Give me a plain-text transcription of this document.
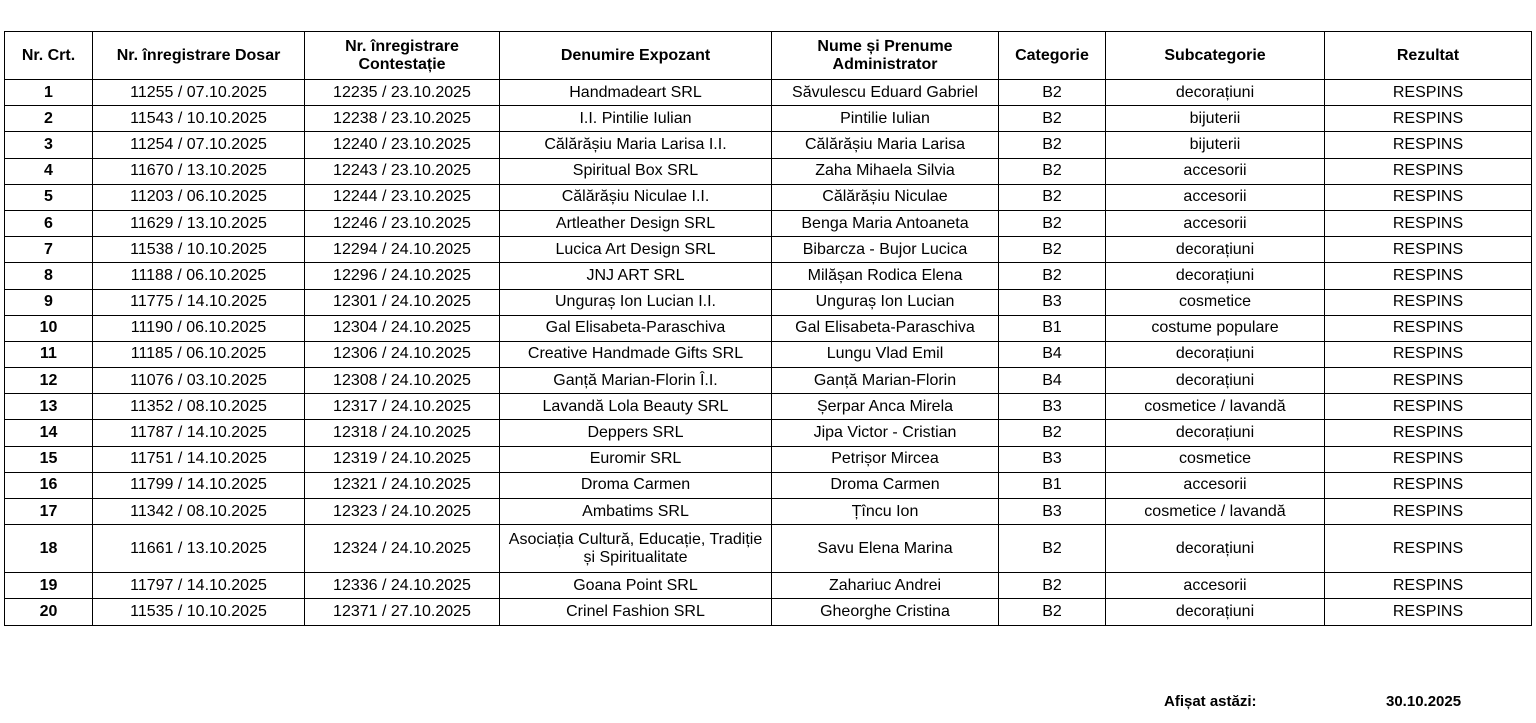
Nr. Crt.	Nr. înregistrare Dosar	Nr. înregistrare Contestație	Denumire Expozant	Nume și Prenume Administrator	Categorie	Subcategorie	Rezultat
1	11255 / 07.10.2025	12235 / 23.10.2025	Handmadeart SRL	Săvulescu Eduard Gabriel	B2	decorațiuni	RESPINS
2	11543 / 10.10.2025	12238 / 23.10.2025	I.I. Pintilie Iulian	Pintilie Iulian	B2	bijuterii	RESPINS
3	11254 / 07.10.2025	12240 / 23.10.2025	Călărășiu Maria Larisa I.I.	Călărășiu Maria Larisa	B2	bijuterii	RESPINS
4	11670 / 13.10.2025	12243 / 23.10.2025	Spiritual Box SRL	Zaha Mihaela Silvia	B2	accesorii	RESPINS
5	11203 / 06.10.2025	12244 / 23.10.2025	Călărășiu Niculae I.I.	Călărășiu Niculae	B2	accesorii	RESPINS
6	11629 / 13.10.2025	12246 / 23.10.2025	Artleather Design SRL	Benga Maria Antoaneta	B2	accesorii	RESPINS
7	11538 / 10.10.2025	12294 / 24.10.2025	Lucica Art Design SRL	Bibarcza - Bujor Lucica	B2	decorațiuni	RESPINS
8	11188 / 06.10.2025	12296 / 24.10.2025	JNJ ART SRL	Milășan Rodica Elena	B2	decorațiuni	RESPINS
9	11775 / 14.10.2025	12301 / 24.10.2025	Unguraș Ion Lucian I.I.	Unguraș Ion Lucian	B3	cosmetice	RESPINS
10	11190 / 06.10.2025	12304 / 24.10.2025	Gal Elisabeta-Paraschiva	Gal Elisabeta-Paraschiva	B1	costume populare	RESPINS
11	11185 / 06.10.2025	12306 / 24.10.2025	Creative Handmade Gifts SRL	Lungu Vlad Emil	B4	decorațiuni	RESPINS
12	11076 / 03.10.2025	12308 / 24.10.2025	Ganță Marian-Florin Î.I.	Ganță Marian-Florin	B4	decorațiuni	RESPINS
13	11352 / 08.10.2025	12317 / 24.10.2025	Lavandă Lola Beauty SRL	Șerpar Anca Mirela	B3	cosmetice / lavandă	RESPINS
14	11787 / 14.10.2025	12318 / 24.10.2025	Deppers SRL	Jipa Victor - Cristian	B2	decorațiuni	RESPINS
15	11751 / 14.10.2025	12319 / 24.10.2025	Euromir SRL	Petrișor Mircea	B3	cosmetice	RESPINS
16	11799 / 14.10.2025	12321 / 24.10.2025	Droma Carmen	Droma Carmen	B1	accesorii	RESPINS
17	11342 / 08.10.2025	12323 / 24.10.2025	Ambatims SRL	Țîncu Ion	B3	cosmetice / lavandă	RESPINS
18	11661 / 13.10.2025	12324 / 24.10.2025	Asociația Cultură, Educație, Tradiție și Spiritualitate	Savu Elena Marina	B2	decorațiuni	RESPINS
19	11797 / 14.10.2025	12336 / 24.10.2025	Goana Point SRL	Zahariuc Andrei	B2	accesorii	RESPINS
20	11535 / 10.10.2025	12371 / 27.10.2025	Crinel Fashion SRL	Gheorghe Cristina	B2	decorațiuni	RESPINS
Afișat astăzi:	30.10.2025
